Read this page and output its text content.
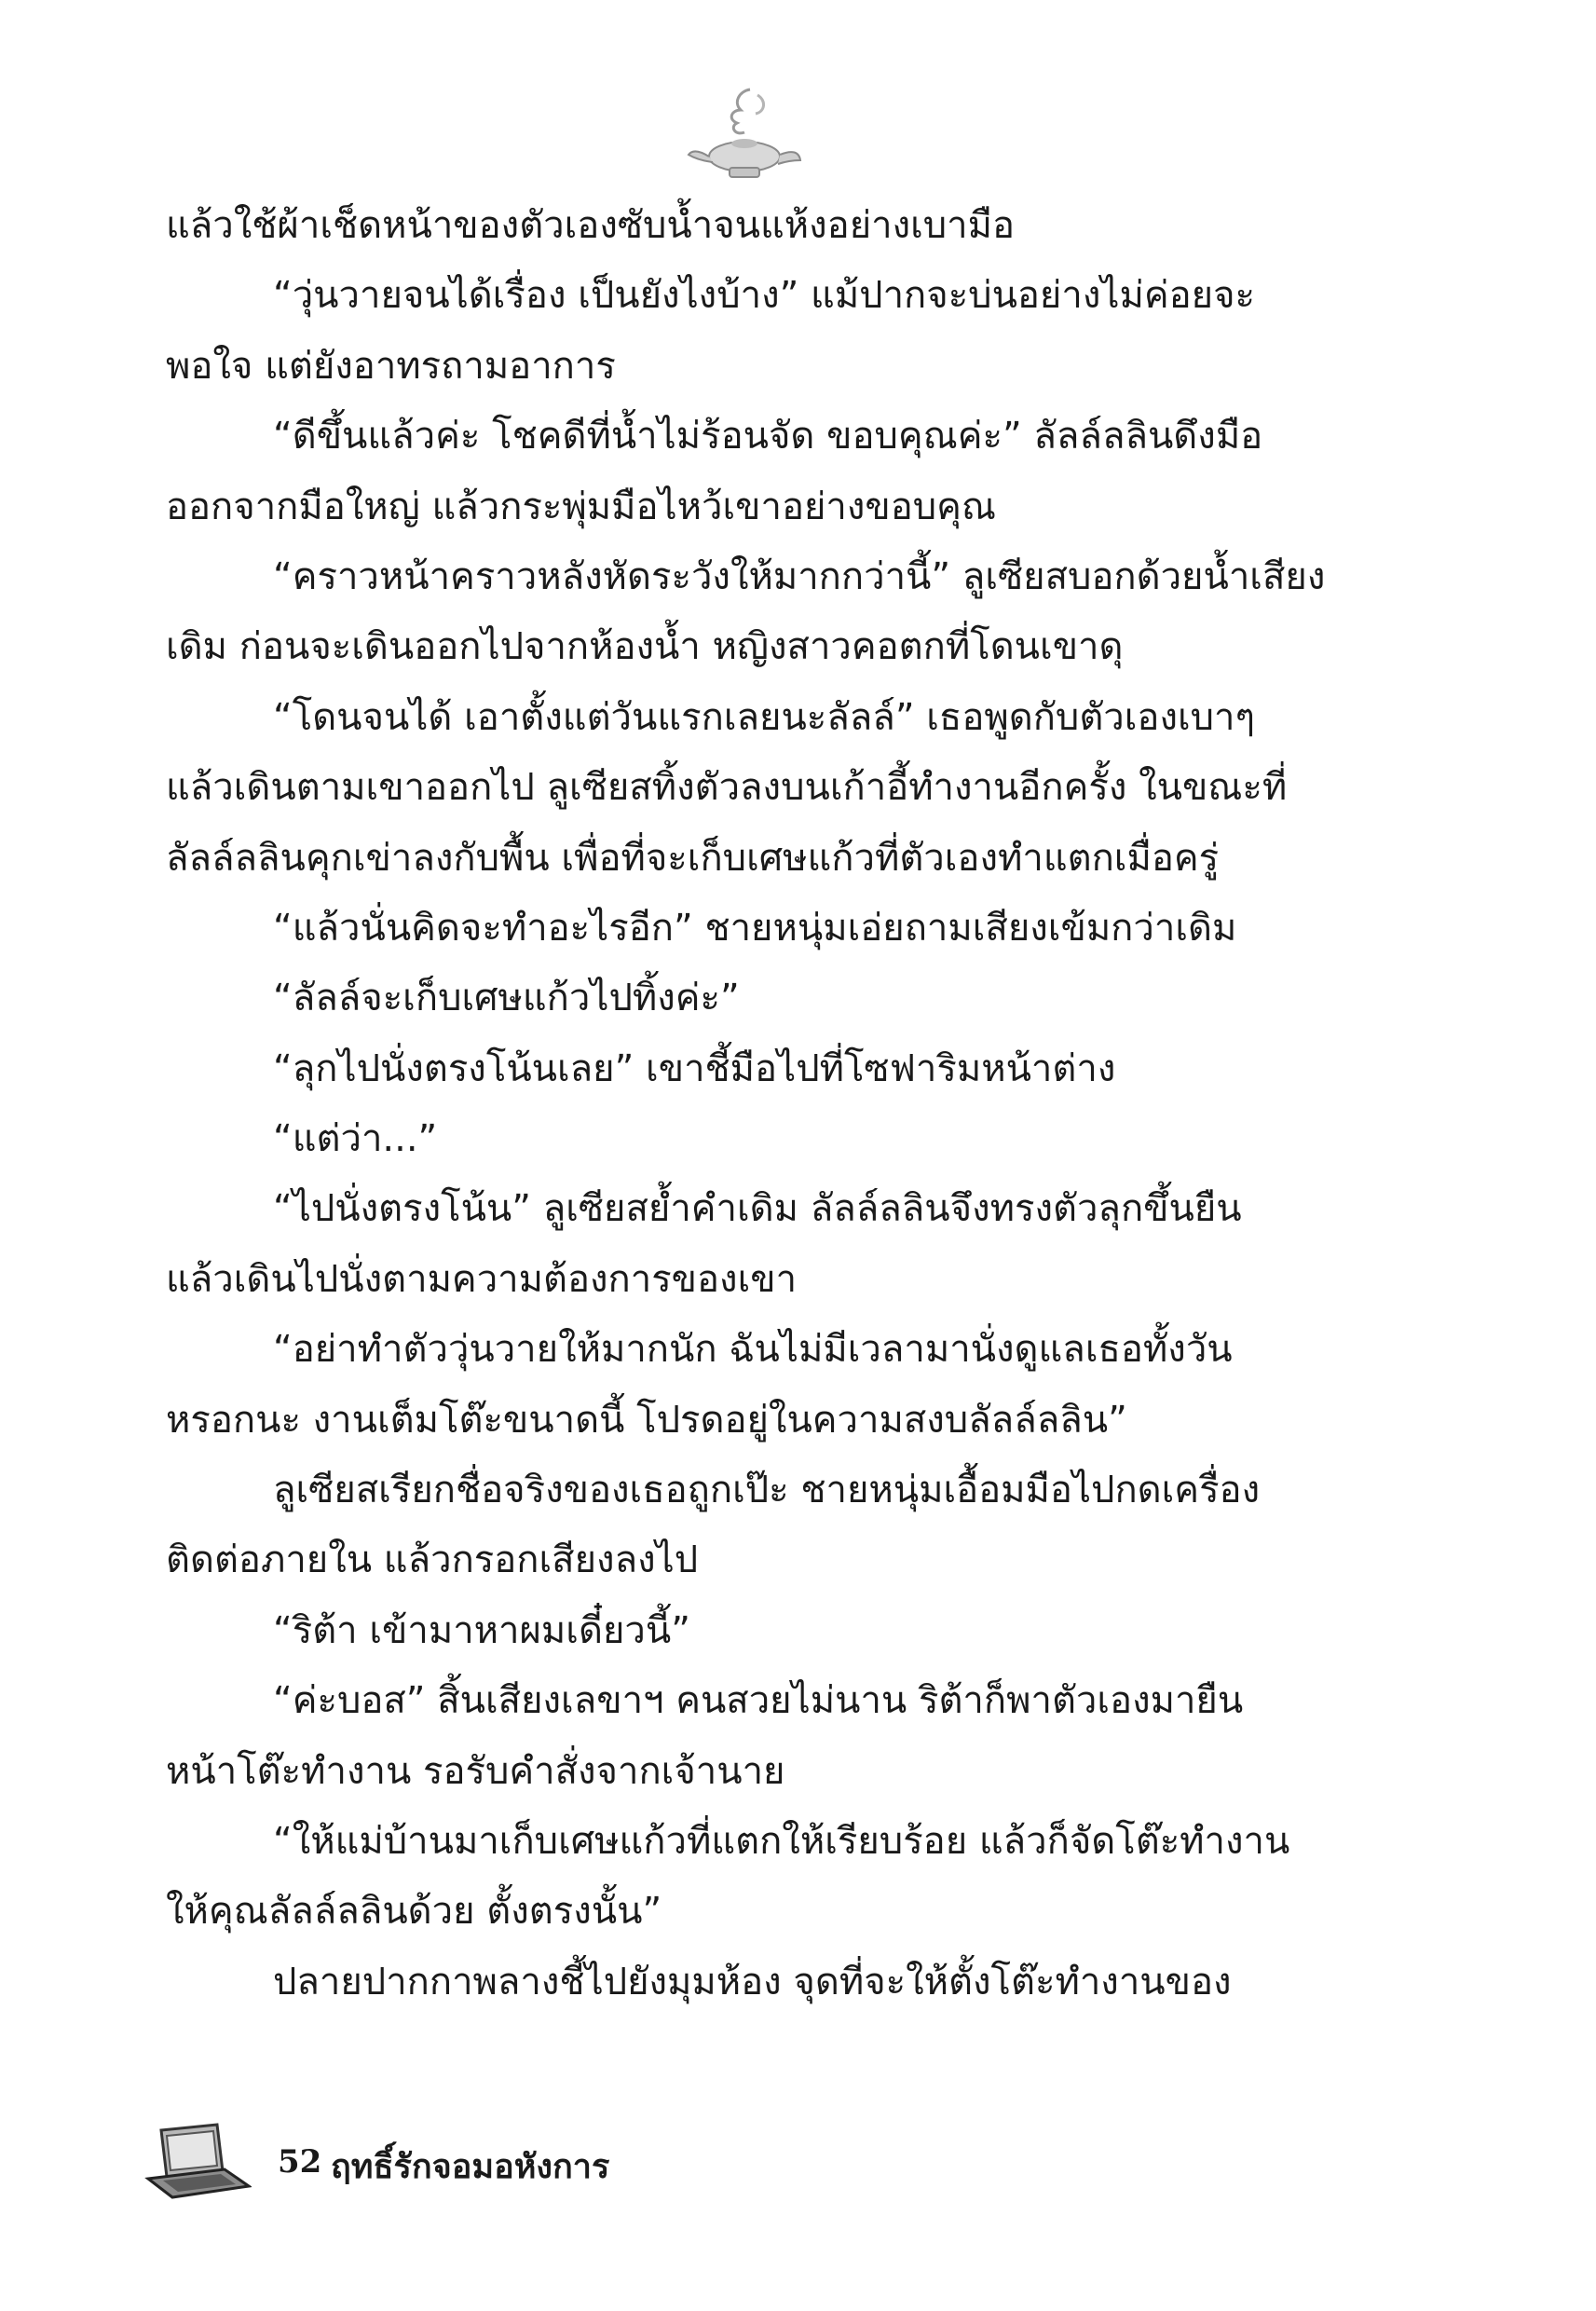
แล้วใช้ผ้าเช็ดหน้าของตัวเองซับน้ำจนแห้งอย่างเบามือ
“วุ่นวายจนได้เรื่อง เป็นยังไงบ้าง” แม้ปากจะบ่นอย่างไม่ค่อยจะ
พอใจ แต่ยังอาทรถามอาการ
“ดีขึ้นแล้วค่ะ โชคดีที่น้ำไม่ร้อนจัด ขอบคุณค่ะ” ลัลล์ลลินดึงมือ
ออกจากมือใหญ่ แล้วกระพุ่มมือไหว้เขาอย่างขอบคุณ
“คราวหน้าคราวหลังหัดระวังให้มากกว่านี้” ลูเซียสบอกด้วยน้ำเสียง
เดิม ก่อนจะเดินออกไปจากห้องน้ำ หญิงสาวคอตกที่โดนเขาดุ
“โดนจนได้ เอาตั้งแต่วันแรกเลยนะลัลล์” เธอพูดกับตัวเองเบาๆ
แล้วเดินตามเขาออกไป ลูเซียสทิ้งตัวลงบนเก้าอี้ทำงานอีกครั้ง ในขณะที่
ลัลล์ลลินคุกเข่าลงกับพื้น เพื่อที่จะเก็บเศษแก้วที่ตัวเองทำแตกเมื่อครู่
“แล้วนั่นคิดจะทำอะไรอีก” ชายหนุ่มเอ่ยถามเสียงเข้มกว่าเดิม
“ลัลล์จะเก็บเศษแก้วไปทิ้งค่ะ”
“ลุกไปนั่งตรงโน้นเลย” เขาชี้มือไปที่โซฟาริมหน้าต่าง
“แต่ว่า...”
“ไปนั่งตรงโน้น” ลูเซียสย้ำคำเดิม ลัลล์ลลินจึงทรงตัวลุกขึ้นยืน
แล้วเดินไปนั่งตามความต้องการของเขา
“อย่าทำตัววุ่นวายให้มากนัก ฉันไม่มีเวลามานั่งดูแลเธอทั้งวัน
หรอกนะ งานเต็มโต๊ะขนาดนี้ โปรดอยู่ในความสงบลัลล์ลลิน”
ลูเซียสเรียกชื่อจริงของเธอถูกเป๊ะ ชายหนุ่มเอื้อมมือไปกดเครื่อง
ติดต่อภายใน แล้วกรอกเสียงลงไป
“ริต้า เข้ามาหาผมเดี๋ยวนี้”
“ค่ะบอส” สิ้นเสียงเลขาฯ คนสวยไม่นาน ริต้าก็พาตัวเองมายืน
หน้าโต๊ะทำงาน รอรับคำสั่งจากเจ้านาย
“ให้แม่บ้านมาเก็บเศษแก้วที่แตกให้เรียบร้อย แล้วก็จัดโต๊ะทำงาน
ให้คุณลัลล์ลลินด้วย ตั้งตรงนั้น”
ปลายปากกาพลางชี้ไปยังมุมห้อง จุดที่จะให้ตั้งโต๊ะทำงานของ
52 ฤทธิ์รักจอมอหังการ
